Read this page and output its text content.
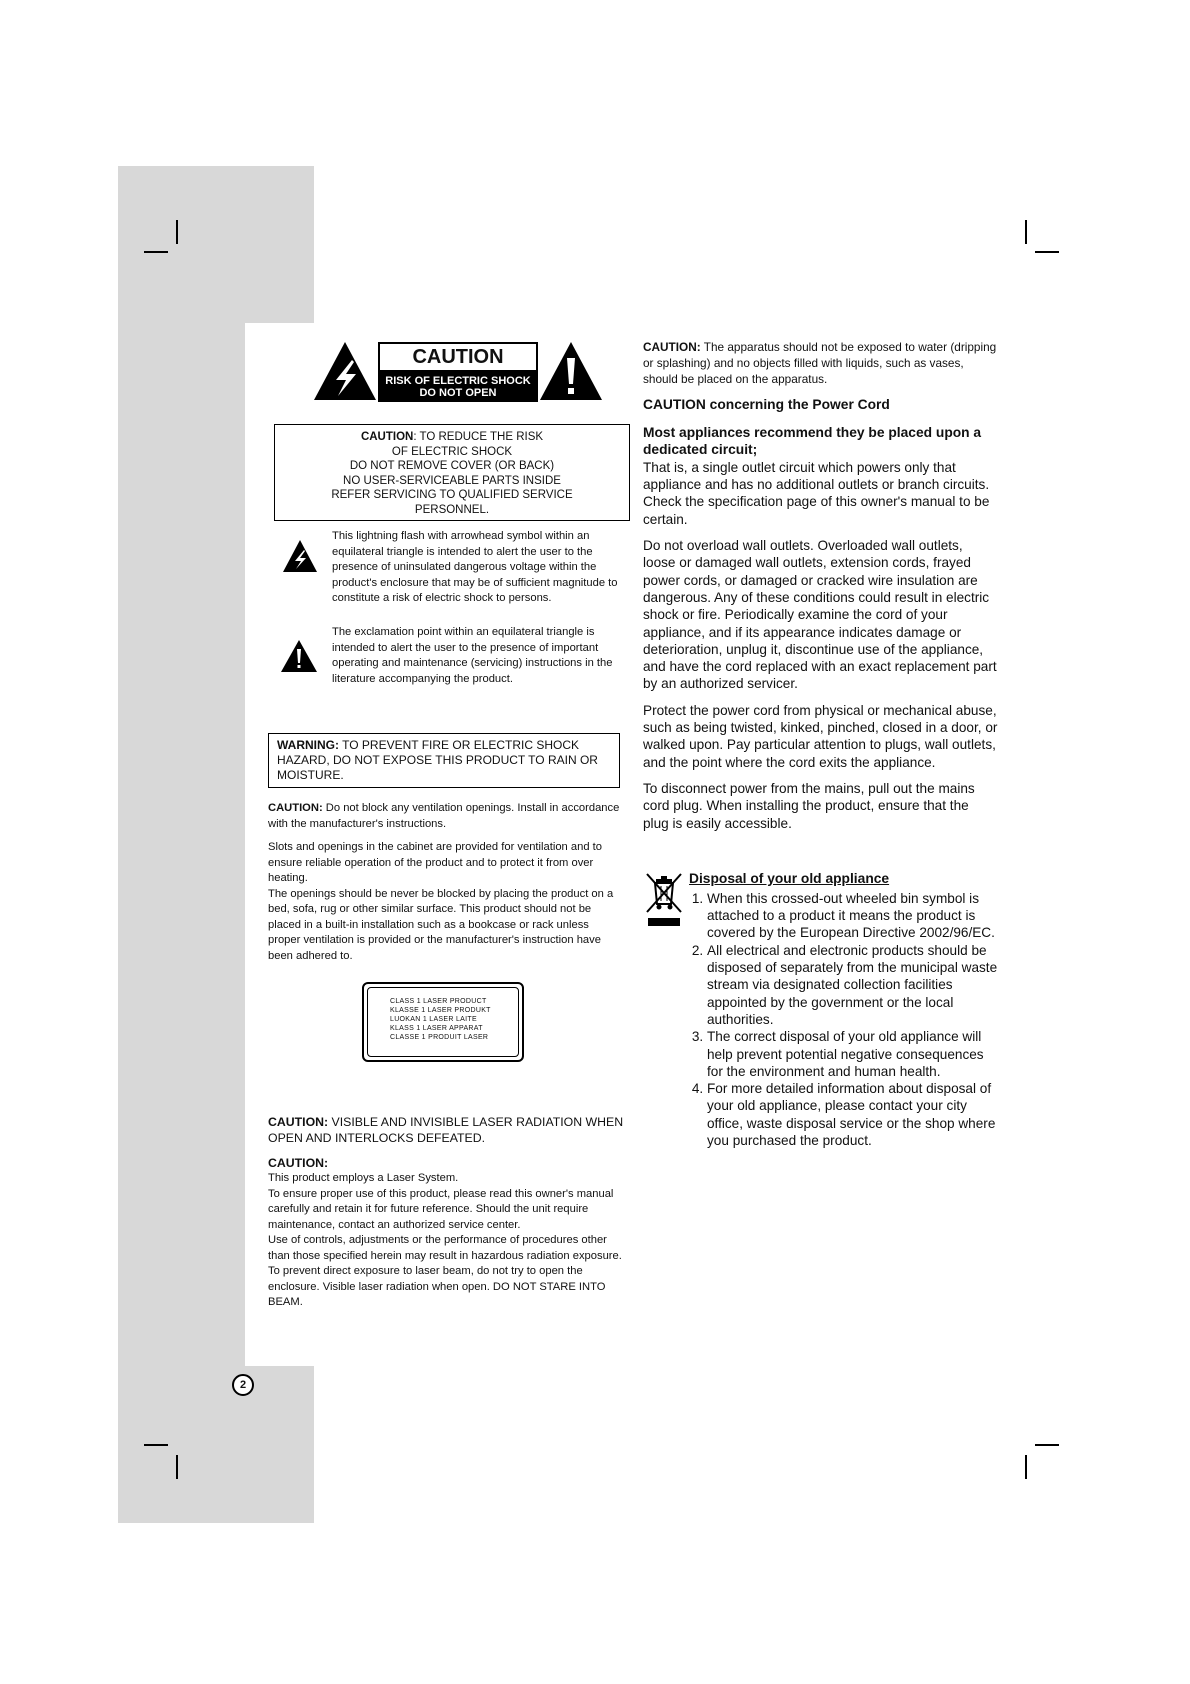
CAUTION
RISK OF ELECTRIC SHOCK
DO NOT OPEN
CAUTION: TO REDUCE THE RISK
OF ELECTRIC SHOCK
DO NOT REMOVE COVER (OR BACK)
NO USER-SERVICEABLE PARTS INSIDE
REFER SERVICING TO QUALIFIED SERVICE
PERSONNEL.

This lightning flash with arrowhead symbol within an equilateral triangle is intended to alert the user to the presence of uninsulated dangerous voltage within the product's enclosure that may be of sufficient magnitude to constitute a risk of electric shock to persons.

The exclamation point within an equilateral triangle is intended to alert the user to the presence of important operating and maintenance (servicing) instructions in the literature accompanying the product.

WARNING: TO PREVENT FIRE OR ELECTRIC SHOCK HAZARD, DO NOT EXPOSE THIS PRODUCT TO RAIN OR MOISTURE.

CAUTION: Do not block any ventilation openings. Install in accordance with the manufacturer's instructions.

Slots and openings in the cabinet are provided for ventilation and to ensure reliable operation of the product and to protect it from over heating.

The openings should be never be blocked by placing the product on a bed, sofa, rug or other similar surface. This product should not be placed in a built-in installation such as a bookcase or rack unless proper ventilation is provided or the manufacturer's instruction have been adhered to.

CLASS 1 LASER PRODUCT
KLASSE 1 LASER PRODUKT
LUOKAN 1 LASER LAITE
KLASS 1 LASER APPARAT
CLASSE 1 PRODUIT LASER

CAUTION: VISIBLE AND INVISIBLE LASER RADIATION WHEN OPEN AND INTERLOCKS DEFEATED.

CAUTION:

This product employs a Laser System.

To ensure proper use of this product, please read this owner's manual carefully and retain it for future reference. Should the unit require maintenance, contact an authorized service center.

Use of controls, adjustments or the performance of procedures other than those specified herein may result in hazardous radiation exposure.

To prevent direct exposure to laser beam, do not try to open the enclosure. Visible laser radiation when open. DO NOT STARE INTO BEAM.

CAUTION: The apparatus should not be exposed to water (dripping or splashing) and no objects filled with liquids, such as vases, should be placed on the apparatus.

CAUTION concerning the Power Cord

Most appliances recommend they be placed upon a dedicated circuit;

That is, a single outlet circuit which powers only that appliance and has no additional outlets or branch circuits. Check the specification page of this owner's manual to be certain.

Do not overload wall outlets. Overloaded wall outlets, loose or damaged wall outlets, extension cords, frayed power cords, or damaged or cracked wire insulation are dangerous. Any of these conditions could result in electric shock or fire. Periodically examine the cord of your appliance, and if its appearance indicates damage or deterioration, unplug it, discontinue use of the appliance, and have the cord replaced with an exact replacement part by an authorized servicer.

Protect the power cord from physical or mechanical abuse, such as being twisted, kinked, pinched, closed in a door, or walked upon. Pay particular attention to plugs, wall outlets, and the point where the cord exits the appliance.

To disconnect power from the mains, pull out the mains cord plug. When installing the product, ensure that the plug is easily accessible.

Disposal of your old appliance

1. When this crossed-out wheeled bin symbol is attached to a product it means the product is covered by the European Directive 2002/96/EC.
2. All electrical and electronic products should be disposed of separately from the municipal waste stream via designated collection facilities appointed by the government or the local authorities.
3. The correct disposal of your old appliance will help prevent potential negative consequences for the environment and human health.
4. For more detailed information about disposal of your old appliance, please contact your city office, waste disposal service or the shop where you purchased the product.
2
